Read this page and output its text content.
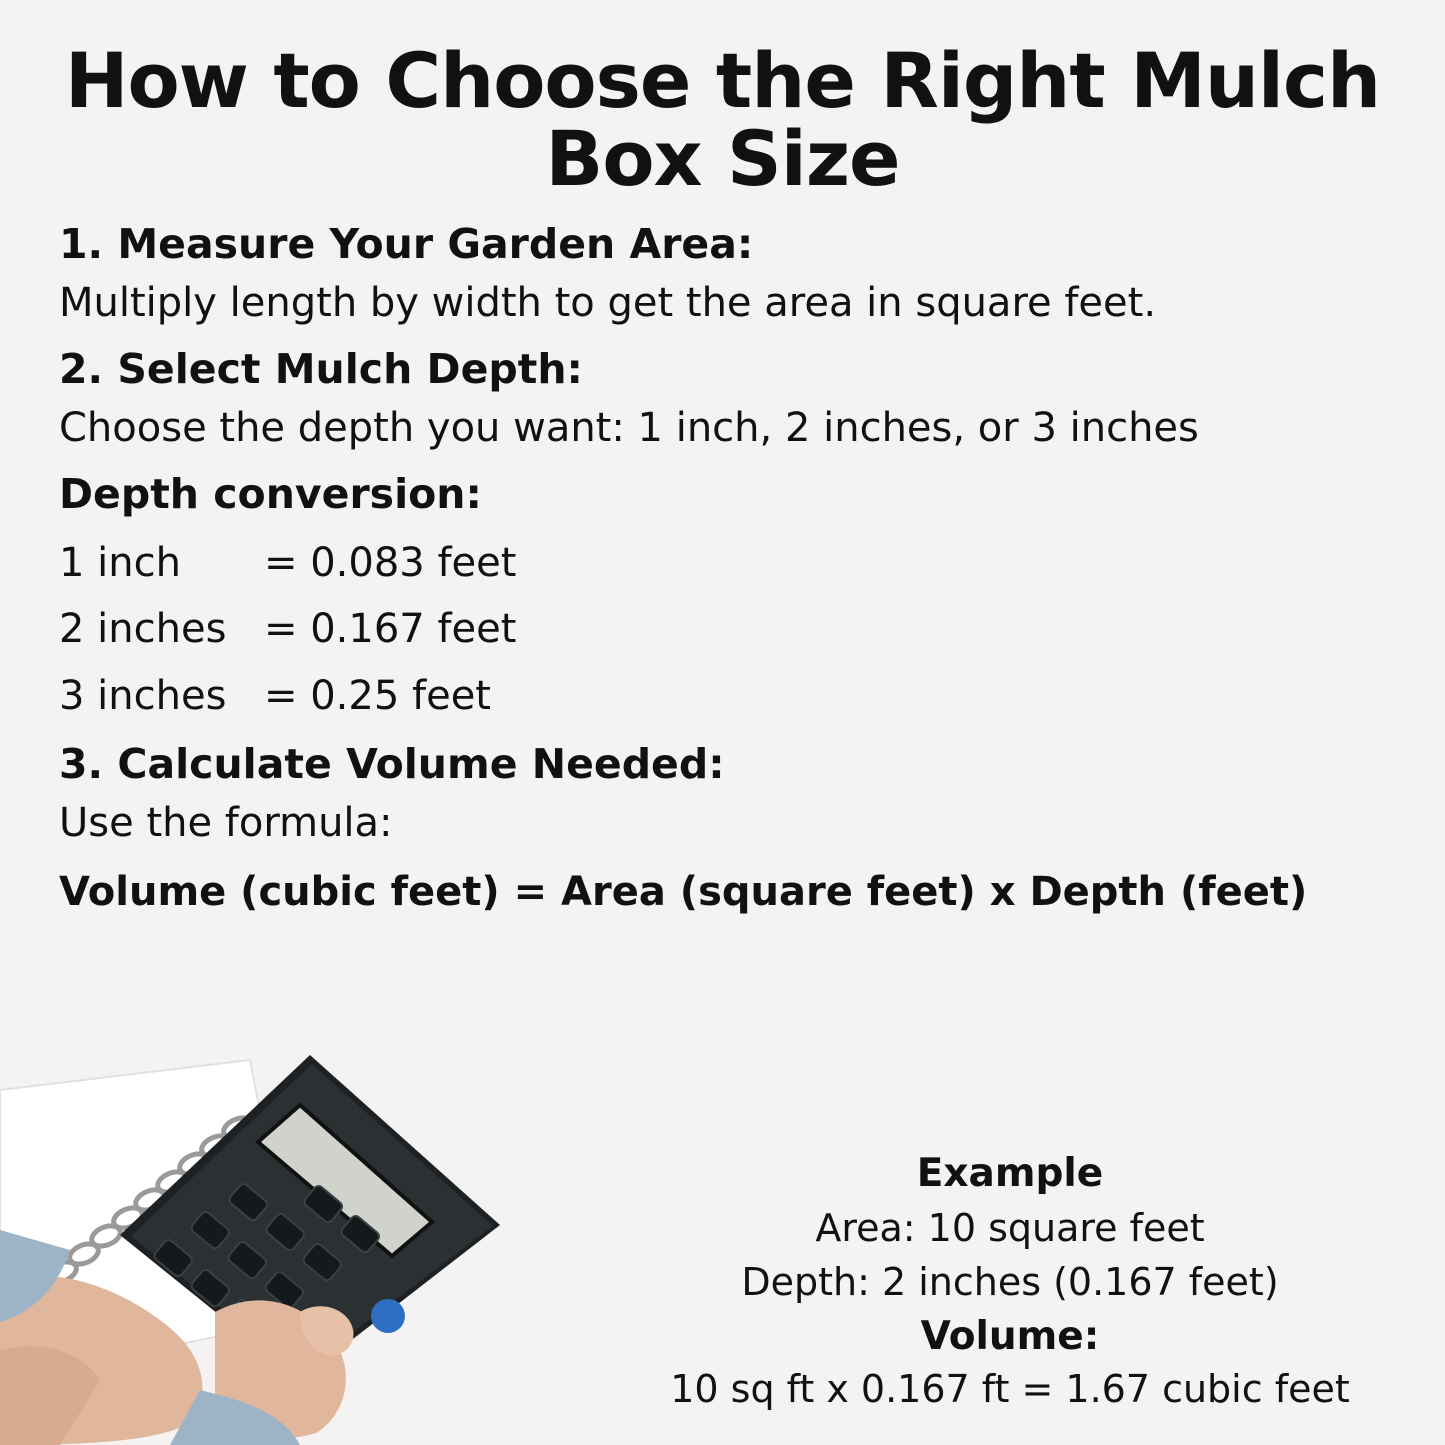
How to Choose the Right Mulch Box Size
1. Measure Your Garden Area:
Multiply length by width to get the area in square feet.
2. Select Mulch Depth:
Choose the depth you want: 1 inch, 2 inches, or 3 inches
Depth conversion:
1 inch	= 0.083 feet
2 inches = 0.167 feet
3 inches = 0.25 feet
3. Calculate Volume Needed:
Use the formula:
Volume (cubic feet) = Area (square feet) x Depth (feet)
Example
Area: 10 square feet
Depth: 2 inches (0.167 feet)
Volume:
10 sq ft x 0.167 ft = 1.67 cubic feet
